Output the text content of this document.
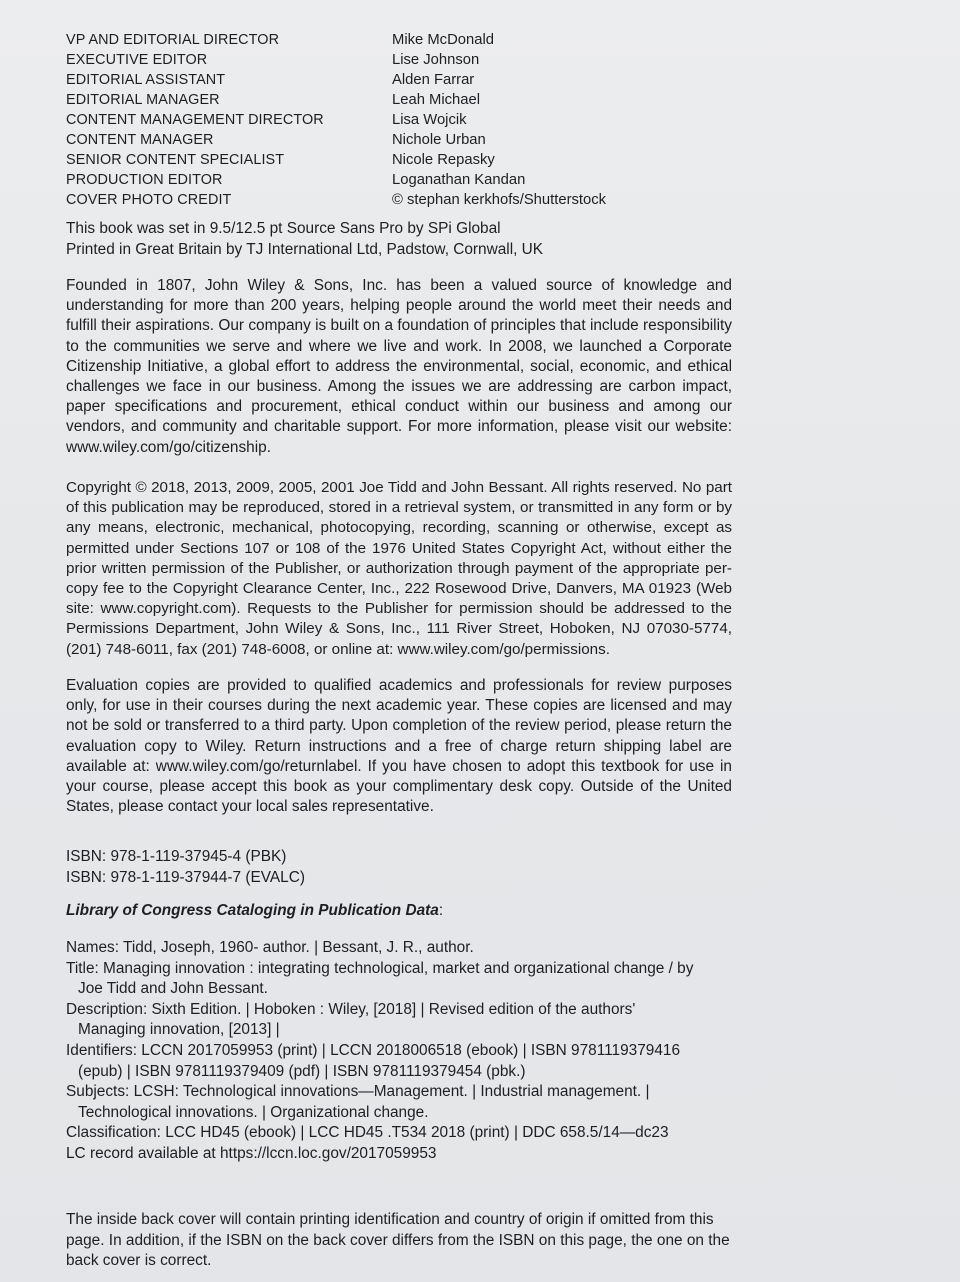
VP AND EDITORIAL DIRECTOR	Mike McDonald
EXECUTIVE EDITOR	Lise Johnson
EDITORIAL ASSISTANT	Alden Farrar
EDITORIAL MANAGER	Leah Michael
CONTENT MANAGEMENT DIRECTOR	Lisa Wojcik
CONTENT MANAGER	Nichole Urban
SENIOR CONTENT SPECIALIST	Nicole Repasky
PRODUCTION EDITOR	Loganathan Kandan
COVER PHOTO CREDIT	© stephan kerkhofs/Shutterstock

This book was set in 9.5/12.5 pt Source Sans Pro by SPi Global

Printed in Great Britain by TJ International Ltd, Padstow, Cornwall, UK

Founded in 1807, John Wiley & Sons, Inc. has been a valued source of knowledge and understanding for more than 200 years, helping people around the world meet their needs and fulfill their aspirations. Our company is built on a foundation of principles that include responsibility to the communities we serve and where we live and work. In 2008, we launched a Corporate Citizenship Initiative, a global effort to address the environmental, social, economic, and ethical challenges we face in our business. Among the issues we are addressing are carbon impact, paper specifications and procurement, ethical conduct within our business and among our vendors, and community and charitable support. For more information, please visit our website: www.wiley.com/go/citizenship.

Copyright © 2018, 2013, 2009, 2005, 2001 Joe Tidd and John Bessant. All rights reserved. No part of this publication may be reproduced, stored in a retrieval system, or transmitted in any form or by any means, electronic, mechanical, photocopying, recording, scanning or otherwise, except as permitted under Sections 107 or 108 of the 1976 United States Copyright Act, without either the prior written permission of the Publisher, or authorization through payment of the appropriate per-copy fee to the Copyright Clearance Center, Inc., 222 Rosewood Drive, Danvers, MA 01923 (Web site: www.copyright.com). Requests to the Publisher for permission should be addressed to the Permissions Department, John Wiley & Sons, Inc., 111 River Street, Hoboken, NJ 07030-5774, (201) 748-6011, fax (201) 748-6008, or online at: www.wiley.com/go/permissions.

Evaluation copies are provided to qualified academics and professionals for review purposes only, for use in their courses during the next academic year. These copies are licensed and may not be sold or transferred to a third party. Upon completion of the review period, please return the evaluation copy to Wiley. Return instructions and a free of charge return shipping label are available at: www.wiley.com/go/returnlabel. If you have chosen to adopt this textbook for use in your course, please accept this book as your complimentary desk copy. Outside of the United States, please contact your local sales representative.

ISBN: 978-1-119-37945-4 (PBK)

ISBN: 978-1-119-37944-7 (EVALC)

Library of Congress Cataloging in Publication Data:

Names: Tidd, Joseph, 1960- author. | Bessant, J. R., author.

Title: Managing innovation : integrating technological, market and organizational change / by Joe Tidd and John Bessant.

Description: Sixth Edition. | Hoboken : Wiley, [2018] | Revised edition of the authors' Managing innovation, [2013] |

Identifiers: LCCN 2017059953 (print) | LCCN 2018006518 (ebook) | ISBN 9781119379416 (epub) | ISBN 9781119379409 (pdf) | ISBN 9781119379454 (pbk.)

Subjects: LCSH: Technological innovations—Management. | Industrial management. | Technological innovations. | Organizational change.

Classification: LCC HD45 (ebook) | LCC HD45 .T534 2018 (print) | DDC 658.5/14—dc23

LC record available at https://lccn.loc.gov/2017059953

The inside back cover will contain printing identification and country of origin if omitted from this page. In addition, if the ISBN on the back cover differs from the ISBN on this page, the one on the back cover is correct.
